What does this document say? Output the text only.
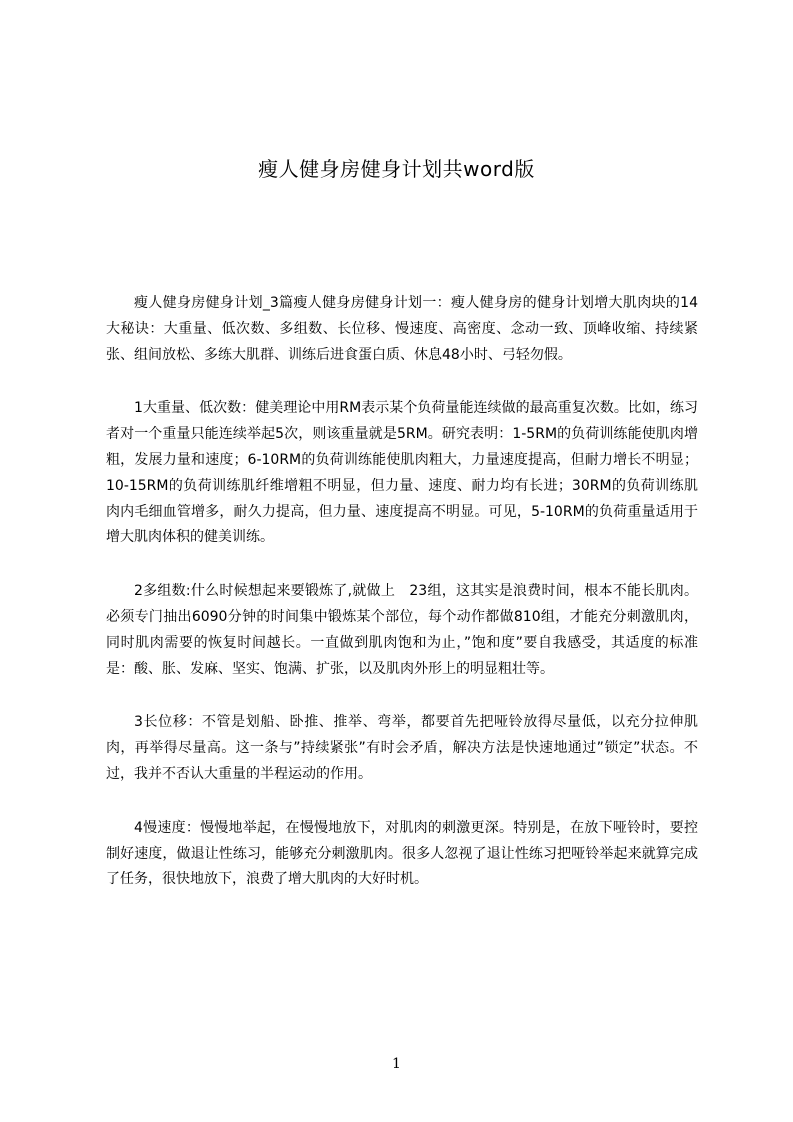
瘦人健身房健身计划共word版

瘦人健身房健身计划_3篇瘦人健身房健身计划一：瘦人健身房的健身计划增大肌肉块的14大秘诀：大重量、低次数、多组数、长位移、慢速度、高密度、念动一致、顶峰收缩、持续紧张、组间放松、多练大肌群、训练后进食蛋白质、休息48小时、弓轻勿假。

1大重量、低次数：健美理论中用RM表示某个负荷量能连续做的最高重复次数。比如，练习者对一个重量只能连续举起5次，则该重量就是5RM。研究表明：1-5RM的负荷训练能使肌肉增粗，发展力量和速度；6-10RM的负荷训练能使肌肉粗大，力量速度提高，但耐力增长不明显；10-15RM的负荷训练肌纤维增粗不明显，但力量、速度、耐力均有长进；30RM的负荷训练肌肉内毛细血管增多，耐久力提高，但力量、速度提高不明显。可见，5-10RM的负荷重量适用于增大肌肉体积的健美训练。

2多组数:什么时候想起来要锻炼了,就做上　23组，这其实是浪费时间，根本不能长肌肉。必须专门抽出6090分钟的时间集中锻炼某个部位，每个动作都做810组，才能充分刺激肌肉，同时肌肉需要的恢复时间越长。一直做到肌肉饱和为止，”饱和度”要自我感受，其适度的标准是：酸、胀、发麻、坚实、饱满、扩张，以及肌肉外形上的明显粗壮等。

3长位移：不管是划船、卧推、推举、弯举，都要首先把哑铃放得尽量低，以充分拉伸肌肉，再举得尽量高。这一条与”持续紧张”有时会矛盾，解决方法是快速地通过”锁定”状态。不过，我并不否认大重量的半程运动的作用。

4慢速度：慢慢地举起，在慢慢地放下，对肌肉的刺激更深。特别是，在放下哑铃时，要控制好速度，做退让性练习，能够充分刺激肌肉。很多人忽视了退让性练习把哑铃举起来就算完成了任务，很快地放下，浪费了增大肌肉的大好时机。

1
